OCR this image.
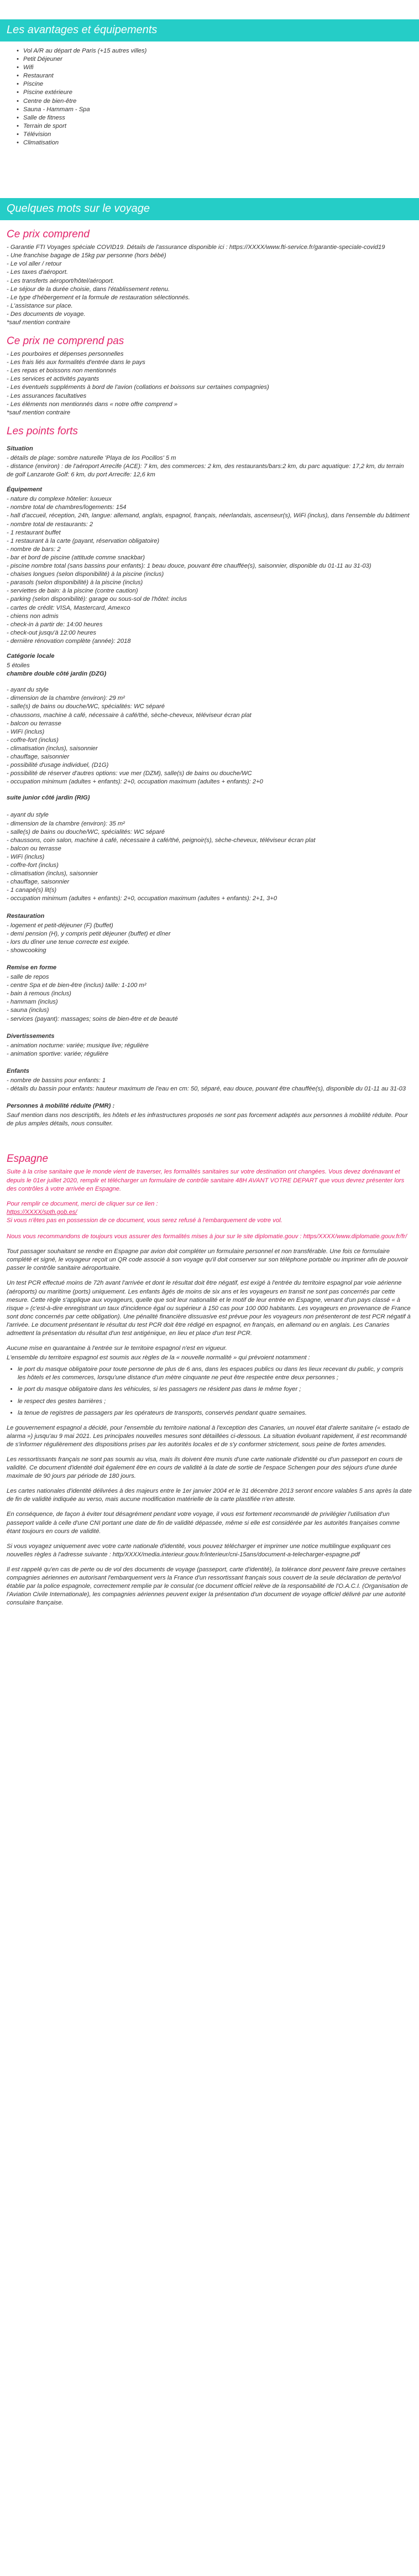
Les avantages et équipements
• Vol A/R au départ de Paris (+15 autres villes)
• Petit Déjeuner
• Wifi
• Restaurant
• Piscine
• Piscine extérieure
• Centre de bien-être
• Sauna - Hammam - Spa
• Salle de fitness
• Terrain de sport
• Télévision
• Climatisation
Quelques mots sur le voyage
Ce prix comprend
- Garantie FTI Voyages spéciale COVID19. Détails de l'assurance disponible ici : https://XXXX/www.fti-service.fr/garantie-speciale-covid19
- Une franchise bagage de 15kg par personne (hors bébé)
- Le vol aller / retour
- Les taxes d'aéroport.
- Les transferts aéroport/hôtel/aéroport.
- Le séjour de la durée choisie, dans l'établissement retenu.
- Le type d'hébergement et la formule de restauration sélectionnés.
- L'assistance sur place.
- Des documents de voyage.
*sauf mention contraire
Ce prix ne comprend pas
- Les pourboires et dépenses personnelles
- Les frais liés aux formalités d'entrée dans le pays
- Les repas et boissons non mentionnés
- Les services et activités payants
- Les éventuels suppléments à bord de l'avion (collations et boissons sur certaines compagnies)
- Les assurances facultatives
- Les éléments non mentionnés dans « notre offre comprend »
*sauf mention contraire
Les points forts
Situation
- détails de plage: sombre naturelle 'Playa de los Pocillos' 5 m
- distance (environ) : de l'aéroport Arrecife (ACE): 7 km, des commerces: 2 km, des restaurants/bars:2 km, du parc aquatique: 17,2 km, du terrain de golf Lanzarote Golf: 6 km, du port Arrecife: 12,6 km
Équipement
- nature du complexe hôtelier: luxueux
- nombre total de chambres/logements: 154
- hall d'accueil, réception, 24h, langue: allemand, anglais, espagnol, français, néerlandais, ascenseur(s), WiFi (inclus), dans l'ensemble du bâtiment
- nombre total de restaurants: 2
- 1 restaurant buffet
- 1 restaurant à la carte (payant, réservation obligatoire)
- nombre de bars: 2
- bar et bord de piscine (attitude comme snackbar)
- piscine nombre total (sans bassins pour enfants): 1 beau douce, pouvant être chauffée(s), saisonnier, disponible du 01-11 au 31-03)
- chaises longues (selon disponibilité) à la piscine (inclus)
- parasols (selon disponibilité) à la piscine (inclus)
- serviettes de bain: à la piscine (contre caution)
- parking (selon disponibilité): garage ou sous-sol de l'hôtel: inclus
- cartes de crédit: VISA, Mastercard, Amexco
- chiens non admis
- check-in à partir de: 14:00 heures
- check-out jusqu'à 12:00 heures
- dernière rénovation complète (année): 2018
Catégorie locale
5 étoiles
chambre double côté jardin (DZG)
- ayant du style
- dimension de la chambre (environ): 29 m²
- salle(s) de bains ou douche/WC, spécialités: WC séparé
- chaussons, machine à café, nécessaire à café/thé, sèche-cheveux, téléviseur écran plat
- balcon ou terrasse
- WiFi (inclus)
- coffre-fort (inclus)
- climatisation (inclus), saisonnier
- chauffage, saisonnier
- possibilité d'usage individuel, (D1G)
- possibilité de réserver d'autres options: vue mer (DZM), salle(s) de bains ou douche/WC
- occupation minimum (adultes + enfants): 2+0, occupation maximum (adultes + enfants): 2+0
suite junior côté jardin (RIG)
- ayant du style
- dimension de la chambre (environ): 35 m²
- salle(s) de bains ou douche/WC, spécialités: WC séparé
- chaussons, coin salon, machine à café, nécessaire à café/thé, peignoir(s), sèche-cheveux, téléviseur écran plat
- balcon ou terrasse
- WiFi (inclus)
- coffre-fort (inclus)
- climatisation (inclus), saisonnier
- chauffage, saisonnier
- 1 canapé(s) lit(s)
- occupation minimum (adultes + enfants): 2+0, occupation maximum (adultes + enfants): 2+1, 3+0
Restauration
- logement et petit-déjeuner (F) (buffet)
- demi pension (H), y compris petit déjeuner (buffet) et dîner
- lors du dîner une tenue correcte est exigée.
- showcooking
Remise en forme
- salle de repos
- centre Spa et de bien-être (inclus) taille: 1-100 m²
- bain à remous (inclus)
- hammam (inclus)
- sauna (inclus)
- services (payant): massages; soins de bien-être et de beauté
Divertissements
- animation nocturne: variée; musique live; régulière
- animation sportive: variée; régulière
Enfants
- nombre de bassins pour enfants: 1
- détails du bassin pour enfants: hauteur maximum de l'eau en cm: 50, séparé, eau douce, pouvant être chauffée(s), disponible du 01-11 au 31-03
Personnes à mobilité réduite (PMR) :
Sauf mention dans nos descriptifs, les hôtels et les infrastructures proposés ne sont pas forcement adaptés aux personnes à mobilité réduite. Pour de plus amples détails, nous consulter.
Espagne

Suite à la crise sanitaire que le monde vient de traverser, les formalités sanitaires sur votre destination ont changées. Vous devez dorénavant et depuis le 01er juillet 2020, remplir et télécharger un formulaire de contrôle sanitaire 48H AVANT VOTRE DEPART que vous devrez présenter lors des contrôles à votre arrivée en Espagne.

Pour remplir ce document, merci de cliquer sur ce lien :
https://XXXX/spth.gob.es/
Si vous n'êtes pas en possession de ce document, vous serez refusé à l'embarquement de votre vol.

Nous vous recommandons de toujours vous assurer des formalités mises à jour sur le site diplomatie.gouv : https/XXXX/www.diplomatie.gouv.fr/fr/

Tout passager souhaitant se rendre en Espagne par avion doit compléter un formulaire personnel et non transférable. Une fois ce formulaire complété et signé, le voyageur reçoit un QR code associé à son voyage qu'il doit conserver sur son téléphone portable ou imprimer afin de pouvoir passer le contrôle sanitaire aéroportuaire.

Un test PCR effectué moins de 72h avant l'arrivée et dont le résultat doit être négatif, est exigé à l'entrée du territoire espagnol par voie aérienne (aéroports) ou maritime (ports) uniquement. Les enfants âgés de moins de six ans et les voyageurs en transit ne sont pas concernés par cette mesure. Cette règle s'applique aux voyageurs, quelle que soit leur nationalité et le motif de leur entrée en Espagne, venant d'un pays classé « à risque » (c'est-à-dire enregistrant un taux d'incidence égal ou supérieur à 150 cas pour 100 000 habitants. Les voyageurs en provenance de France sont donc concernés par cette obligation). Une pénalité financière dissuasive est prévue pour les voyageurs non présenteront de test PCR négatif à l'arrivée. Le document présentant le résultat du test PCR doit être rédigé en espagnol, en français, en allemand ou en anglais. Les Canaries admettent la présentation du résultat d'un test antigénique, en lieu et place d'un test PCR.

Aucune mise en quarantaine à l'entrée sur le territoire espagnol n'est en vigueur.

L'ensemble du territoire espagnol est soumis aux règles de la « nouvelle normalité » qui prévoient notamment :

• le port du masque obligatoire pour toute personne de plus de 6 ans, dans les espaces publics ou dans les lieux recevant du public, y compris les hôtels et les commerces, lorsqu'une distance d'un mètre cinquante ne peut être respectée entre deux personnes ;
• le port du masque obligatoire dans les véhicules, si les passagers ne résident pas dans le même foyer ;
• le respect des gestes barrières ;
• la tenue de registres de passagers par les opérateurs de transports, conservés pendant quatre semaines.

Le gouvernement espagnol a décidé, pour l'ensemble du territoire national à l'exception des Canaries, un nouvel état d'alerte sanitaire (« estado de alarma ») jusqu'au 9 mai 2021. Les principales nouvelles mesures sont détaillées ci-dessous. La situation évoluant rapidement, il est recommandé de s'informer régulièrement des dispositions prises par les autorités locales et de s'y conformer strictement, sous peine de fortes amendes.

Les ressortissants français ne sont pas soumis au visa, mais ils doivent être munis d'une carte nationale d'identité ou d'un passeport en cours de validité. Ce document d'identité doit également être en cours de validité à la date de sortie de l'espace Schengen pour des séjours d'une durée maximale de 90 jours par période de 180 jours.

Les cartes nationales d'identité délivrées à des majeurs entre le 1er janvier 2004 et le 31 décembre 2013 seront encore valables 5 ans après la date de fin de validité indiquée au verso, mais aucune modification matérielle de la carte plastifiée n'en atteste.

En conséquence, de façon à éviter tout désagrément pendant votre voyage, il vous est fortement recommandé de privilégier l'utilisation d'un passeport valide à celle d'une CNI portant une date de fin de validité dépassée, même si elle est considérée par les autorités françaises comme étant toujours en cours de validité.

Si vous voyagez uniquement avec votre carte nationale d'identité, vous pouvez télécharger et imprimer une notice multilingue expliquant ces nouvelles règles à l'adresse suivante : http/XXXX/media.interieur.gouv.fr/interieur/cni-15ans/document-a-telecharger-espagne.pdf

Il est rappelé qu'en cas de perte ou de vol des documents de voyage (passeport, carte d'identité), la tolérance dont peuvent faire preuve certaines compagnies aériennes en autorisant l'embarquement vers la France d'un ressortissant français sous couvert de la seule déclaration de perte/vol établie par la police espagnole, correctement remplie par le consulat (ce document officiel relève de la responsabilité de l'O.A.C.I. (Organisation de l'Aviation Civile Internationale), les compagnies aériennes peuvent exiger la présentation d'un document de voyage officiel délivré par une autorité consulaire française.
